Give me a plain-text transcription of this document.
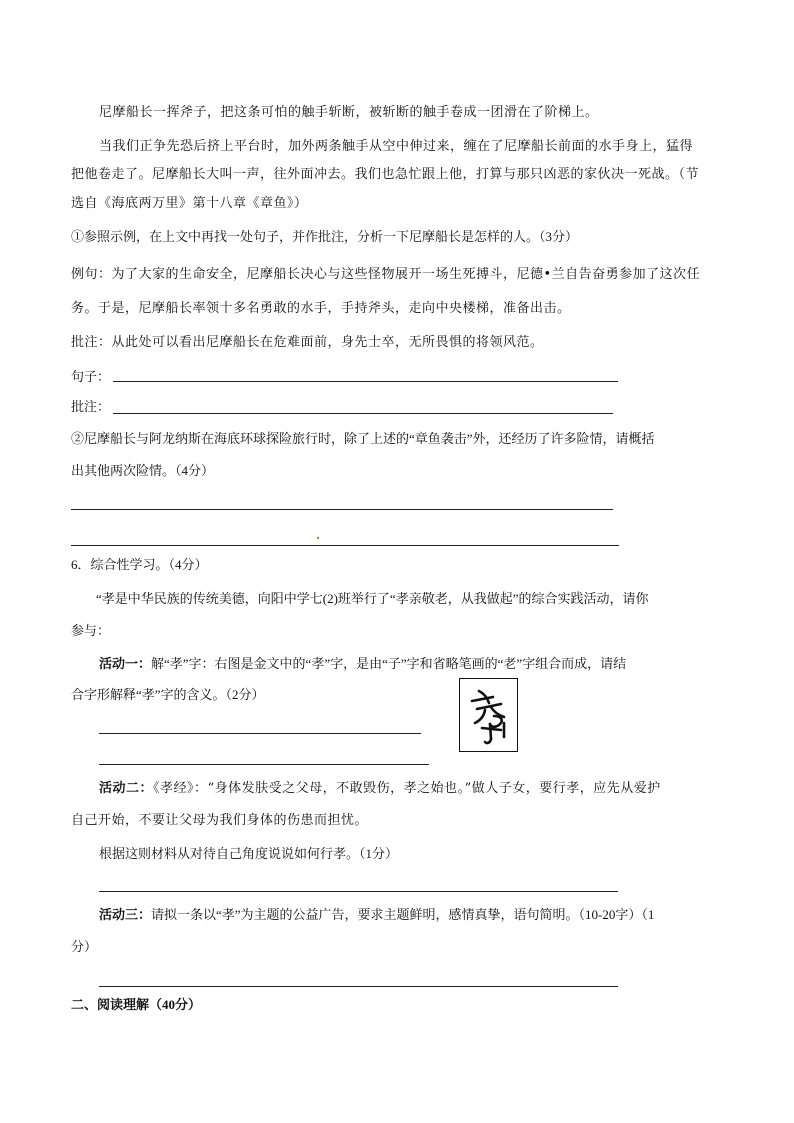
尼摩船长一挥斧子，把这条可怕的触手斩断，被斩断的触手卷成一团滑在了阶梯上。
当我们正争先恐后挤上平台时，加外两条触手从空中伸过来，缠在了尼摩船长前面的水手身上，猛得
把他卷走了。尼摩船长大叫一声，往外面冲去。我们也急忙跟上他，打算与那只凶恶的家伙决一死战。（节
选自《海底两万里》第十八章《章鱼》）
①参照示例，在上文中再找一处句子，并作批注，分析一下尼摩船长是怎样的人。（3分）
例句：为了大家的生命安全，尼摩船长决心与这些怪物展开一场生死搏斗，尼德•兰自告奋勇参加了这次任
务。于是，尼摩船长率领十多名勇敢的水手，手持斧头，走向中央楼梯，准备出击。
批注：从此处可以看出尼摩船长在危难面前，身先士卒，无所畏惧的将领风范。
句子：
批注：
②尼摩船长与阿龙纳斯在海底环球探险旅行时，除了上述的“章鱼袭击”外，还经历了许多险情，请概括
出其他两次险情。（4分）
6．综合性学习。（4分）
“孝是中华民族的传统美德，向阳中学七(2)班举行了“孝亲敬老，从我做起”的综合实践活动，请你
参与：
活动一：解“孝”字：右图是金文中的“孝”字，是由“子”字和省略笔画的“老”字组合而成，请结
合字形解释“孝”字的含义。（2分）
活动二：《孝经》：“身体发肤受之父母，不敢毁伤，孝之始也。”做人子女，要行孝，应先从爱护
自己开始，不要让父母为我们身体的伤患而担忧。
根据这则材料从对待自己角度说说如何行孝。（1分）
活动三：请拟一条以“孝”为主题的公益广告，要求主题鲜明，感情真挚，语句简明。（10-20字）（1
分）
二、阅读理解（40分）
